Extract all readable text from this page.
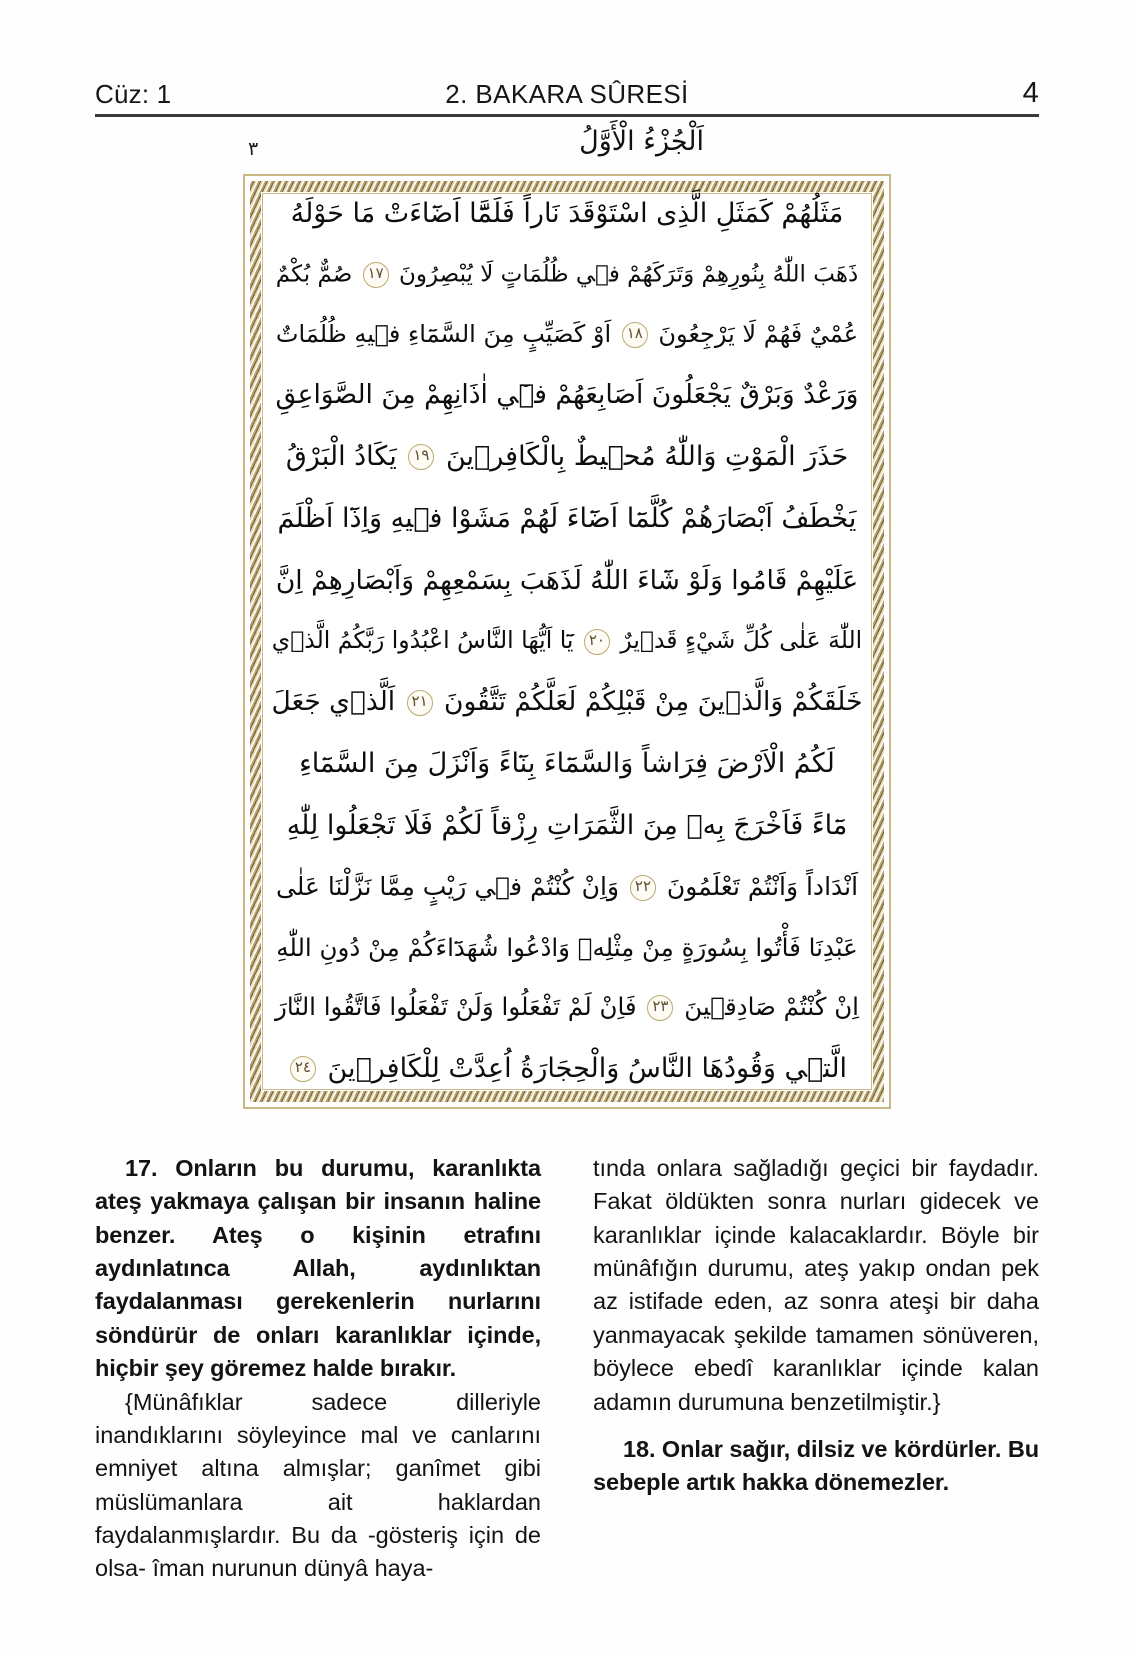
Cüz: 1	2. BAKARA SÛRESİ	4
٣	اَلْجُزْءُ الْأَوَّلُ
مَثَلُهُمْ كَمَثَلِ الَّذِى اسْتَوْقَدَ نَاراً فَلَمَّٓا اَضَٓاءَتْ مَا حَوْلَهُ
ذَهَبَ اللّٰهُ بِنُورِهِمْ وَتَرَكَهُمْ ف۪ي ظُلُمَاتٍ لَا يُبْصِرُونَ ١٧ صُمٌّ بُكْمٌ
عُمْيٌ فَهُمْ لَا يَرْجِعُونَ ١٨ اَوْ كَصَيِّبٍ مِنَ السَّمَٓاءِ ف۪يهِ ظُلُمَاتٌ
وَرَعْدٌ وَبَرْقٌ يَجْعَلُونَ اَصَابِعَهُمْ ف۪ٓي اٰذَانِهِمْ مِنَ الصَّوَاعِقِ
حَذَرَ الْمَوْتِ وَاللّٰهُ مُح۪يطٌ بِالْكَافِر۪ينَ ١٩ يَكَادُ الْبَرْقُ
يَخْطَفُ اَبْصَارَهُمْ كُلَّمَٓا اَضَٓاءَ لَهُمْ مَشَوْا ف۪يهِ وَاِذَٓا اَظْلَمَ
عَلَيْهِمْ قَامُوا وَلَوْ شَٓاءَ اللّٰهُ لَذَهَبَ بِسَمْعِهِمْ وَاَبْصَارِهِمْ اِنَّ
اللّٰهَ عَلٰى كُلِّ شَيْءٍ قَد۪يرٌ ٢٠ يَٓا اَيُّهَا النَّاسُ اعْبُدُوا رَبَّكُمُ الَّذ۪ي
خَلَقَكُمْ وَالَّذ۪ينَ مِنْ قَبْلِكُمْ لَعَلَّكُمْ تَتَّقُونَ ٢١ اَلَّذ۪ي جَعَلَ
لَكُمُ الْاَرْضَ فِرَاشاً وَالسَّمَٓاءَ بِنَٓاءً وَاَنْزَلَ مِنَ السَّمَٓاءِ
مَٓاءً فَاَخْرَجَ بِه۪ مِنَ الثَّمَرَاتِ رِزْقاً لَكُمْ فَلَا تَجْعَلُوا لِلّٰهِ
اَنْدَاداً وَاَنْتُمْ تَعْلَمُونَ ٢٢ وَاِنْ كُنْتُمْ ف۪ي رَيْبٍ مِمَّا نَزَّلْنَا عَلٰى
عَبْدِنَا فَأْتُوا بِسُورَةٍ مِنْ مِثْلِه۪ وَادْعُوا شُهَدَٓاءَكُمْ مِنْ دُونِ اللّٰهِ
اِنْ كُنْتُمْ صَادِق۪ينَ ٢٣ فَاِنْ لَمْ تَفْعَلُوا وَلَنْ تَفْعَلُوا فَاتَّقُوا النَّارَ
الَّت۪ي وَقُودُهَا النَّاسُ وَالْحِجَارَةُ اُعِدَّتْ لِلْكَافِر۪ينَ ٢٤

17. Onların bu durumu, karanlıkta ateş yakmaya çalışan bir insanın haline benzer. Ateş o kişinin etrafını aydınlatınca Allah, aydınlıktan faydalanması gerekenlerin nurlarını söndürür de onları karanlıklar içinde, hiçbir şey göremez halde bırakır.

{Münâfıklar sadece dilleriyle inandıklarını söyleyince mal ve canlarını emniyet altına almışlar; ganîmet gibi müslümanlara ait haklardan faydalanmışlardır. Bu da -gösteriş için de olsa- îman nurunun dünyâ haya-

tında onlara sağladığı geçici bir faydadır. Fakat öldükten sonra nurları gidecek ve karanlıklar içinde kalacaklardır. Böyle bir münâfığın durumu, ateş yakıp ondan pek az istifade eden, az sonra ateşi bir daha yanmayacak şekilde tamamen sönüveren, böylece ebedî karanlıklar içinde kalan adamın durumuna benzetilmiştir.}

18. Onlar sağır, dilsiz ve kördürler. Bu sebeple artık hakka dönemezler.
